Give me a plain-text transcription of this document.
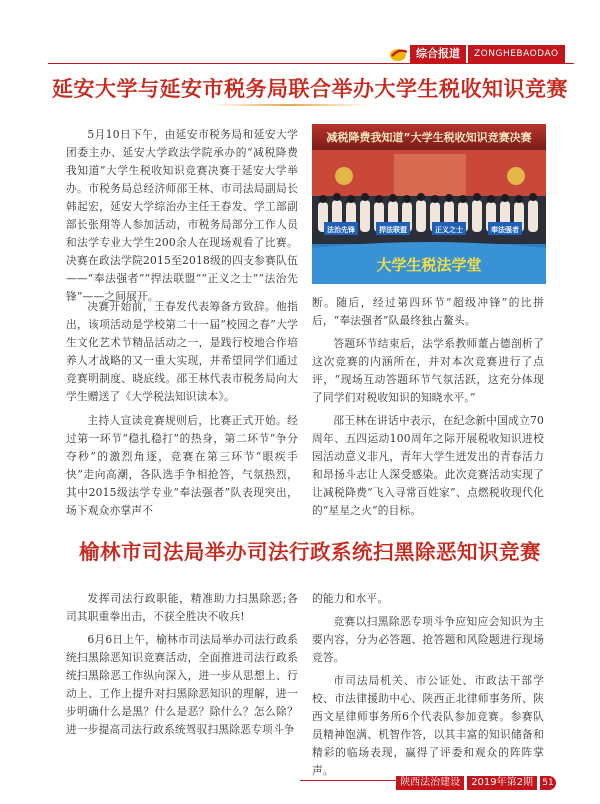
综合报道	ZONGHEBAODAO
延安大学与延安市税务局联合举办大学生税收知识竞赛

5月10日下午，由延安市税务局和延安大学团委主办、延安大学政法学院承办的“减税降费我知道”大学生税收知识竞赛决赛于延安大学举办。市税务局总经济师邵王林、市司法局副局长韩起宏，延安大学综治办主任王春发、学工部副部长张翔等人参加活动，市税务局部分工作人员和法学专业大学生200余人在现场观看了比赛。决赛在政法学院2015至2018级的四支参赛队伍——“奉法强者”“捍法联盟”“正义之士”“法治先锋”——之间展开。

决赛开始前，王春发代表筹备方致辞。他指出，该项活动是学校第二十一届“校园之春”大学生文化艺术节精品活动之一，是践行校地合作培养人才战略的又一重大实现，并希望同学们通过竞赛明制度、晓底线。邵王林代表市税务局向大学生赠送了《大学税法知识读本》。

主持人宣读竞赛规则后，比赛正式开始。经过第一环节“稳扎稳打”的热身，第二环节“争分夺秒”的激烈角逐，竞赛在第三环节“眼疾手快”走向高潮，各队选手争相抢答，气氛热烈，其中2015级法学专业“奉法强者”队表现突出，场下观众亦掌声不

减税降费我知道”大学生税收知识竞赛决赛
法治先锋	捍法联盟	正义之士	奉法强者
大学生税法学堂

断。随后，经过第四环节“超级冲锋”的比拼后，“奉法强者”队最终独占鳌头。

答题环节结束后，法学系教师董占德剖析了这次竞赛的内涵所在，并对本次竞赛进行了点评，“现场互动答题环节气氛活跃，这充分体现了同学们对税收知识的知晓水平。”

邵王林在讲话中表示，在纪念新中国成立70周年、五四运动100周年之际开展税收知识进校园活动意义非凡，青年大学生迸发出的青春活力和昂扬斗志让人深受感染。此次竞赛活动实现了让减税降费“飞入寻常百姓家”、点燃税收现代化的“星星之火”的目标。

榆林市司法局举办司法行政系统扫黑除恶知识竞赛

发挥司法行政职能，精准助力扫黑除恶;各司其职重拳出击，不获全胜决不收兵!

6月6日上午，榆林市司法局举办司法行政系统扫黑除恶知识竞赛活动，全面推进司法行政系统扫黑除恶工作纵向深入，进一步从思想上、行动上、工作上提升对扫黑除恶知识的理解，进一步明确什么是黑？什么是恶？除什么？怎么除？进一步提高司法行政系统驾驭扫黑除恶专项斗争

的能力和水平。

竞赛以扫黑除恶专项斗争应知应会知识为主要内容，分为必答题、抢答题和风险题进行现场竞答。

市司法局机关、市公证处、市政法干部学校、市法律援助中心、陕西正北律师事务所、陕西文星律师事务所6个代表队参加竞赛。参赛队员精神饱满、机智作答，以其丰富的知识储备和精彩的临场表现，赢得了评委和观众的阵阵掌声。

陕西法治建设	2019年第2期	51
